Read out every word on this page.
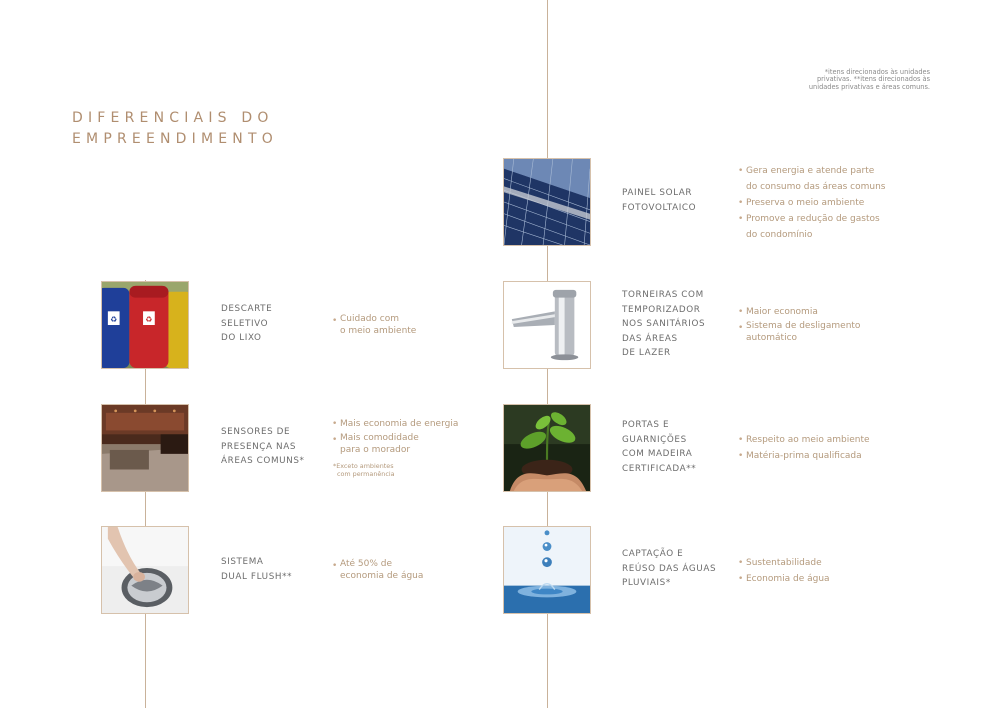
*itens direcionados às unidades
privativas. **itens direcionados às
unidades privativas e áreas comuns.
DIFERENCIAIS DO
EMPREENDIMENTO
PAINEL SOLAR
FOTOVOLTAICO
• Gera energia e atende parte
do consumo das áreas comuns
• Preserva o meio ambiente
• Promove a redução de gastos
do condomínio
♻	♻
DESCARTE
SELETIVO
DO LIXO
• Cuidado com
o meio ambiente
TORNEIRAS COM
TEMPORIZADOR
NOS SANITÁRIOS
DAS ÁREAS
DE LAZER
• Maior economia
• Sistema de desligamento
automático
SENSORES DE
PRESENÇA NAS
ÁREAS COMUNS*
• Mais economia de energia
• Mais comodidade
para o morador
*Exceto ambientes
com permanência
PORTAS E
GUARNIÇÕES
COM MADEIRA
CERTIFICADA**
• Respeito ao meio ambiente
• Matéria-prima qualificada
SISTEMA
DUAL FLUSH**
• Até 50% de
economia de água
CAPTAÇÃO E
REÚSO DAS ÁGUAS
PLUVIAIS*
• Sustentabilidade
• Economia de água
